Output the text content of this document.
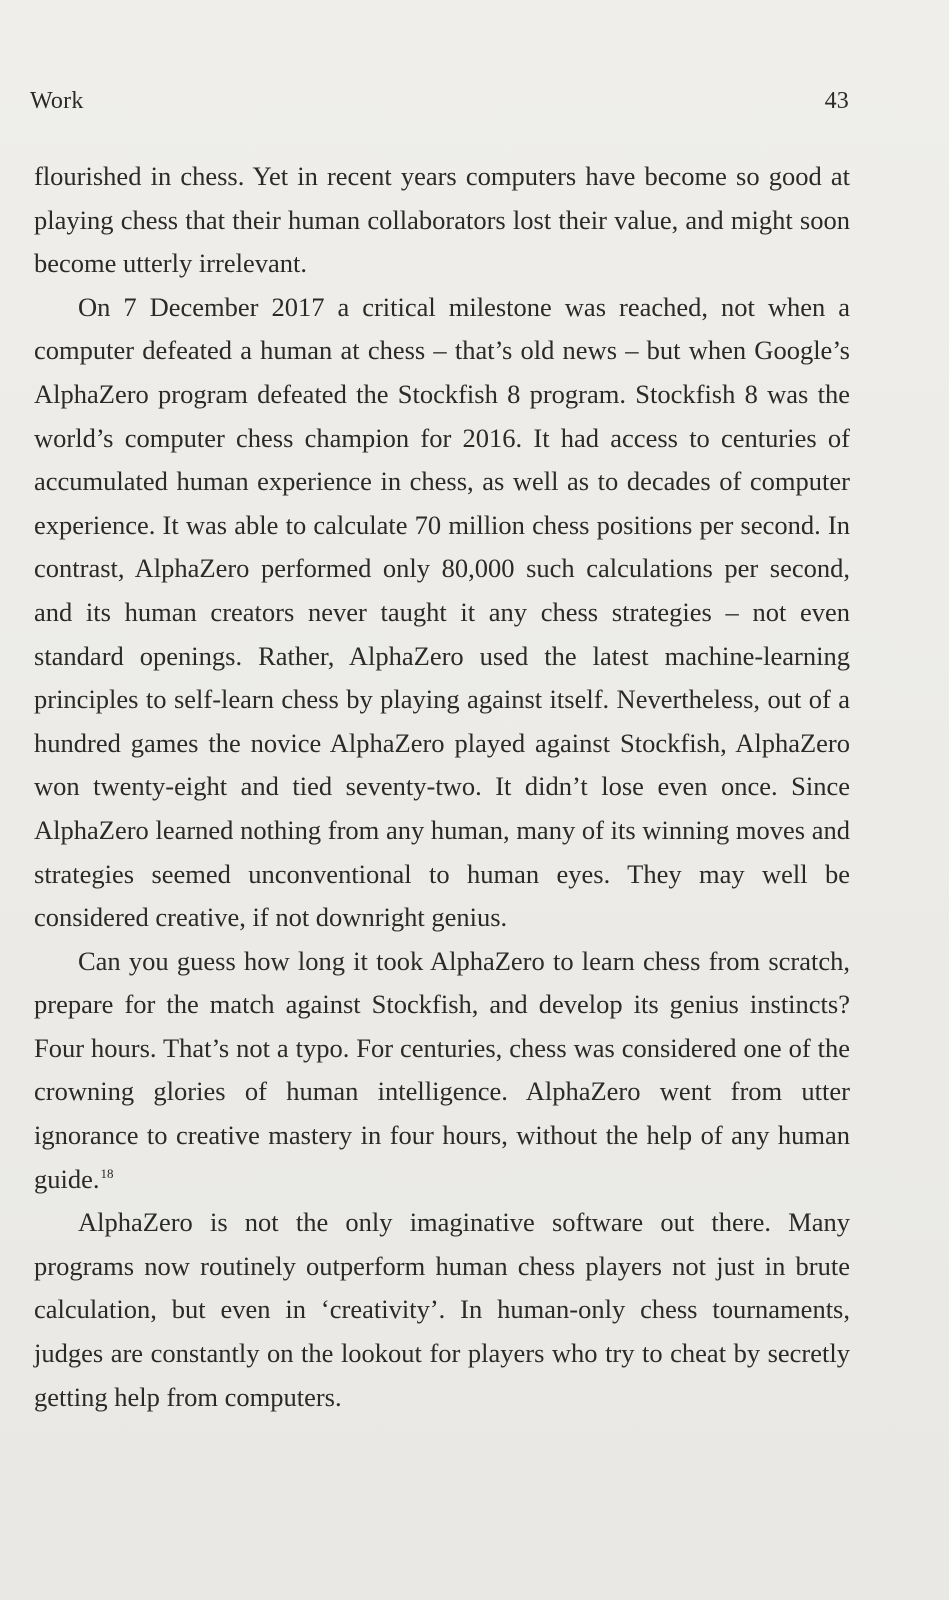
Work	43

flourished in chess. Yet in recent years computers have become so good at playing chess that their human collaborators lost their value, and might soon become utterly irrelevant.

On 7 December 2017 a critical milestone was reached, not when a computer defeated a human at chess – that’s old news – but when Google’s AlphaZero program defeated the Stockfish 8 program. Stockfish 8 was the world’s computer chess champion for 2016. It had access to centuries of accumulated human experience in chess, as well as to decades of computer experience. It was able to calculate 70 million chess positions per second. In contrast, AlphaZero performed only 80,000 such calculations per second, and its human creators never taught it any chess strategies – not even standard openings. Rather, AlphaZero used the latest machine-learning principles to self-learn chess by playing against itself. Nevertheless, out of a hundred games the novice AlphaZero played against Stockfish, AlphaZero won twenty-eight and tied seventy-two. It didn’t lose even once. Since AlphaZero learned nothing from any human, many of its winning moves and strategies seemed unconventional to human eyes. They may well be considered creative, if not downright genius.

Can you guess how long it took AlphaZero to learn chess from scratch, prepare for the match against Stockfish, and develop its genius instincts? Four hours. That’s not a typo. For centuries, chess was considered one of the crowning glories of human intelligence. AlphaZero went from utter ignorance to creative mastery in four hours, without the help of any human guide.$^{18}$

AlphaZero is not the only imaginative software out there. Many programs now routinely outperform human chess players not just in brute calculation, but even in ‘creativity’. In human-only chess tournaments, judges are constantly on the lookout for players who try to cheat by secretly getting help from computers.
